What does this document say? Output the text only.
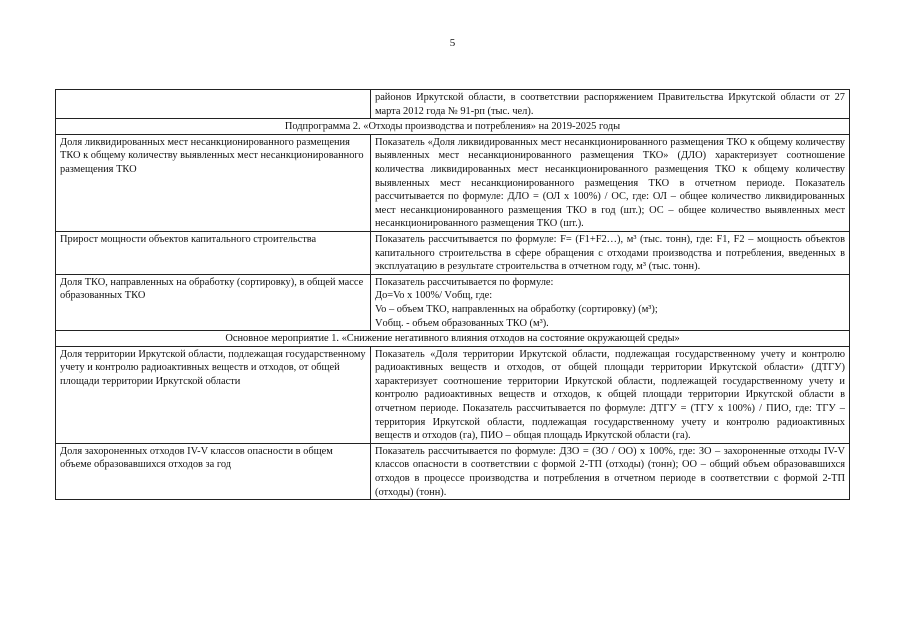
5
	районов Иркутской области, в соответствии распоряжением Правительства Иркутской области от 27 марта 2012 года № 91-рп (тыс. чел).
Подпрограмма 2. «Отходы производства и потребления» на 2019-2025 годы	
Доля ликвидированных мест несанкционированного размещения ТКО к общему количеству выявленных мест несанкционированного размещения ТКО	Показатель «Доля ликвидированных мест несанкционированного размещения ТКО к общему количеству выявленных мест несанкционированного размещения ТКО» (ДЛО) характеризует соотношение количества ликвидированных мест несанкционированного размещения ТКО к общему количеству выявленных мест несанкционированного размещения ТКО в отчетном периоде. Показатель рассчитывается по формуле: ДЛО = (ОЛ x 100%) / ОС, где: ОЛ – общее количество ликвидированных мест несанкционированного размещения ТКО в год (шт.); ОС – общее количество выявленных мест несанкционированного размещения ТКО (шт.).
Прирост мощности объектов капитального строительства	Показатель рассчитывается по формуле: F= (F1+F2…), м³ (тыс. тонн), где: F1, F2 – мощность объектов капитального строительства в сфере обращения с отходами производства и потребления, введенных в эксплуатацию в результате строительства в отчетном году, м³ (тыс. тонн).
Доля ТКО, направленных на обработку (сортировку), в общей массе образованных ТКО	Показатель рассчитывается по формуле:
Дo=Vo x 100%/ Vобщ, где:
Vo – объем ТКО, направленных на обработку (сортировку) (м³);
Vобщ. - объем образованных ТКО (м³).

Основное мероприятие 1. «Снижение негативного влияния отходов на состояние окружающей среды»	
Доля территории Иркутской области, подлежащая государственному учету и контролю радиоактивных веществ и отходов, от общей площади территории Иркутской области	Показатель «Доля территории Иркутской области, подлежащая государственному учету и контролю радиоактивных веществ и отходов, от общей площади территории Иркутской области» (ДТГУ) характеризует соотношение территории Иркутской области, подлежащей государственному учету и контролю радиоактивных веществ и отходов, к общей площади территории Иркутской области в отчетном периоде. Показатель рассчитывается по формуле: ДТГУ = (ТГУ x 100%) / ПИО, где: ТГУ – территория Иркутской области, подлежащая государственному учету и контролю радиоактивных веществ и отходов (га), ПИО – общая площадь Иркутской области (га).
Доля захороненных отходов IV-V классов опасности в общем объеме образовавшихся отходов за год	Показатель рассчитывается по формуле: ДЗО = (ЗО / ОО) x 100%, где: ЗО – захороненные отходы IV-V классов опасности в соответствии с формой 2-ТП (отходы) (тонн); ОО – общий объем образовавшихся отходов в процессе производства и потребления в отчетном периоде в соответствии с формой 2-ТП (отходы) (тонн).
